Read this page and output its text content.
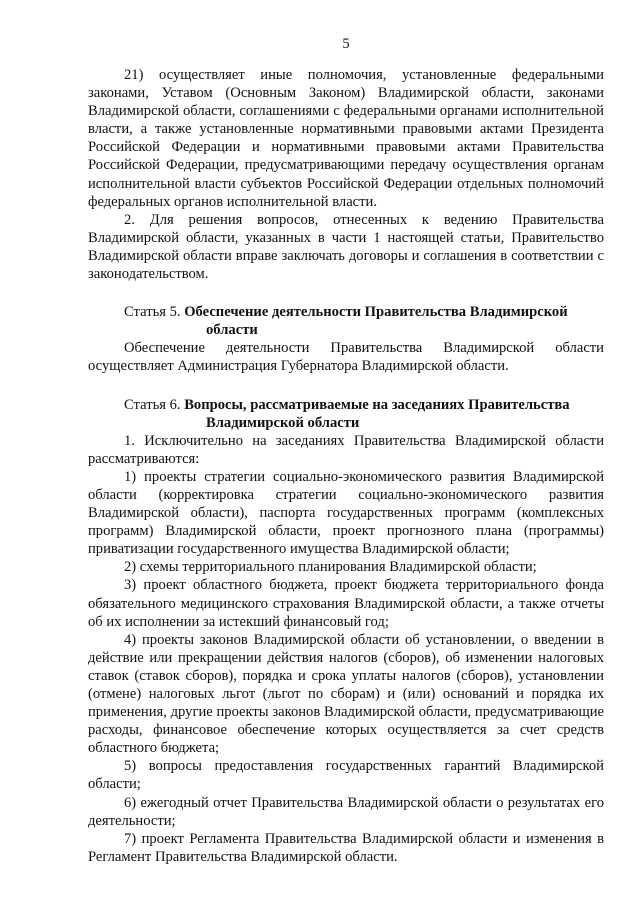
5

21) осуществляет иные полномочия, установленные федеральными законами, Уставом (Основным Законом) Владимирской области, законами Владимирской области, соглашениями с федеральными органами исполнительной власти, а также установленные нормативными правовыми актами Президента Российской Федерации и нормативными правовыми актами Правительства Российской Федерации, предусматривающими передачу осуществления органам исполнительной власти субъектов Российской Федерации отдельных полномочий федеральных органов исполнительной власти.

2. Для решения вопросов, отнесенных к ведению Правительства Владимирской области, указанных в части 1 настоящей статьи, Правительство Владимирской области вправе заключать договоры и соглашения в соответствии с законодательством.

Статья 5. Обеспечение деятельности Правительства Владимирской

области

Обеспечение деятельности Правительства Владимирской области осуществляет Администрация Губернатора Владимирской области.

Статья 6. Вопросы, рассматриваемые на заседаниях Правительства

Владимирской области

1. Исключительно на заседаниях Правительства Владимирской области рассматриваются:

1) проекты стратегии социально-экономического развития Владимирской области (корректировка стратегии социально-экономического развития Владимирской области), паспорта государственных программ (комплексных программ) Владимирской области, проект прогнозного плана (программы) приватизации государственного имущества Владимирской области;

2) схемы территориального планирования Владимирской области;

3) проект областного бюджета, проект бюджета территориального фонда обязательного медицинского страхования Владимирской области, а также отчеты об их исполнении за истекший финансовый год;

4) проекты законов Владимирской области об установлении, о введении в действие или прекращении действия налогов (сборов), об изменении налоговых ставок (ставок сборов), порядка и срока уплаты налогов (сборов), установлении (отмене) налоговых льгот (льгот по сборам) и (или) оснований и порядка их применения, другие проекты законов Владимирской области, предусматривающие расходы, финансовое обеспечение которых осуществляется за счет средств областного бюджета;

5) вопросы предоставления государственных гарантий Владимирской области;

6) ежегодный отчет Правительства Владимирской области о результатах его деятельности;

7) проект Регламента Правительства Владимирской области и изменения в Регламент Правительства Владимирской области.
